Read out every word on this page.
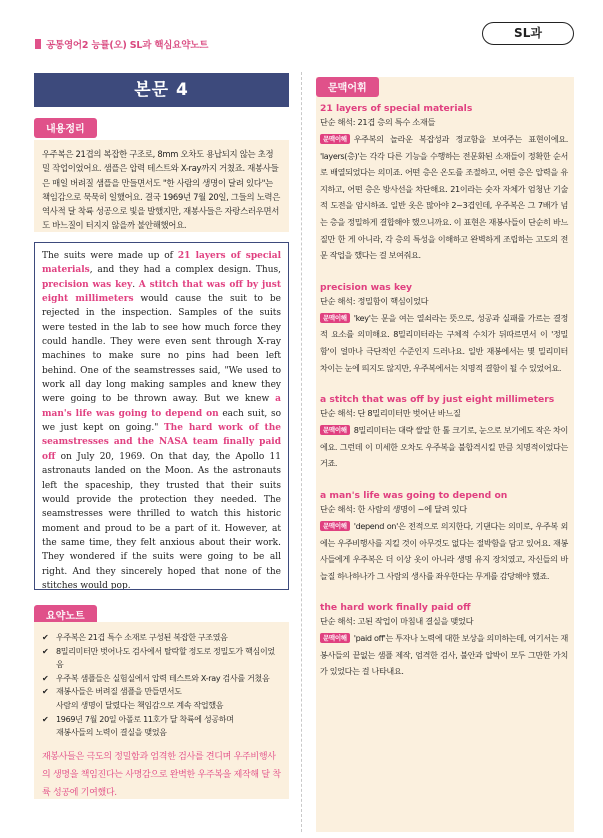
공통영어2 능률(오) SL과 핵심요약노트
SL과
본문 4
내용정리
우주복은 21겹의 복잡한 구조로, 8mm 오차도 용납되지 않는 초정밀 작업이었어요. 샘플은 압력 테스트와 X-ray까지 거쳤죠. 재봉사들은 매일 버려질 샘플을 만들면서도 "한 사람의 생명이 달려 있다"는 책임감으로 묵묵히 일했어요. 결국 1969년 7월 20일, 그들의 노력은 역사적 달 착륙 성공으로 빛을 발했지만, 재봉사들은 자랑스러우면서도 바느질이 터지지 않을까 불안해했어요.
The suits were made up of 21 layers of special materials, and they had a complex design. Thus, precision was key. A stitch that was off by just eight millimeters would cause the suit to be rejected in the inspection. Samples of the suits were tested in the lab to see how much force they could handle. They were even sent through X-ray machines to make sure no pins had been left behind. One of the seamstresses said, "We used to work all day long making samples and knew they were going to be thrown away. But we knew a man's life was going to depend on each suit, so we just kept on going." The hard work of the seamstresses and the NASA team finally paid off on July 20, 1969. On that day, the Apollo 11 astronauts landed on the Moon. As the astronauts left the spaceship, they trusted that their suits would provide the protection they needed. The seamstresses were thrilled to watch this historic moment and proud to be a part of it. However, at the same time, they felt anxious about their work. They wondered if the suits were going to be all right. And they sincerely hoped that none of the stitches would pop.
요약노트
✔ 우주복은 21겹 특수 소재로 구성된 복잡한 구조였음
✔ 8밀리미터만 벗어나도 검사에서 탈락할 정도로 정밀도가 핵심이었음
✔ 우주복 샘플들은 실험실에서 압력 테스트와 X-ray 검사를 거쳤음
✔ 재봉사들은 버려질 샘플을 만들면서도
사람의 생명이 달렸다는 책임감으로 계속 작업했음
✔ 1969년 7월 20일 아폴로 11호가 달 착륙에 성공하며
재봉사들의 노력이 결실을 맺었음
재봉사들은 극도의 정밀함과 엄격한 검사를 견디며 우주비행사의 생명을 책임진다는 사명감으로 완벽한 우주복을 제작해 달 착륙 성공에 기여했다.
21 layers of special materials
단순 해석: 21겹 층의 특수 소재들
문맥이해 우주복의 놀라운 복잡성과 정교함을 보여주는 표현이에요. 'layers(층)'는 각각 다른 기능을 수행하는 전문화된 소재들이 정확한 순서로 배열되었다는 의미죠. 어떤 층은 온도를 조절하고, 어떤 층은 압력을 유지하고, 어떤 층은 방사선을 차단해요. 21이라는 숫자 자체가 엄청난 기술적 도전을 암시하죠. 일반 옷은 많아야 2~3겹인데, 우주복은 그 7배가 넘는 층을 정밀하게 결합해야 했으니까요. 이 표현은 재봉사들이 단순히 바느질만 한 게 아니라, 각 층의 특성을 이해하고 완벽하게 조립하는 고도의 전문 작업을 했다는 걸 보여줘요.
precision was key
단순 해석: 정밀함이 핵심이었다
문맥이해 'key'는 문을 여는 열쇠라는 뜻으로, 성공과 실패를 가르는 결정적 요소를 의미해요. 8밀리미터라는 구체적 수치가 뒤따르면서 이 '정밀함'이 얼마나 극단적인 수준인지 드러나요. 일반 재봉에서는 몇 밀리미터 차이는 눈에 띄지도 않지만, 우주복에서는 치명적 결함이 될 수 있었어요.
a stitch that was off by just eight millimeters
단순 해석: 단 8밀리미터만 벗어난 바느질
문맥이해 8밀리미터는 대략 쌀알 한 톨 크기로, 눈으로 보기에도 작은 차이에요. 그런데 이 미세한 오차도 우주복을 불합격시킬 만큼 치명적이었다는 거죠.
a man's life was going to depend on
단순 해석: 한 사람의 생명이 ~에 달려 있다
문맥이해 'depend on'은 전적으로 의지한다, 기댄다는 의미로, 우주복 외에는 우주비행사를 지킬 것이 아무것도 없다는 절박함을 담고 있어요. 재봉사들에게 우주복은 더 이상 옷이 아니라 생명 유지 장치였고, 자신들의 바늘질 하나하나가 그 사람의 생사를 좌우한다는 무게를 감당해야 했죠.
the hard work finally paid off
단순 해석: 고된 작업이 마침내 결실을 맺었다
문맥이해 'paid off'는 투자나 노력에 대한 보상을 의미하는데, 여기서는 재봉사들의 끝없는 샘플 제작, 엄격한 검사, 불안과 압박이 모두 그만한 가치가 있었다는 걸 나타내요.
문맥어휘
